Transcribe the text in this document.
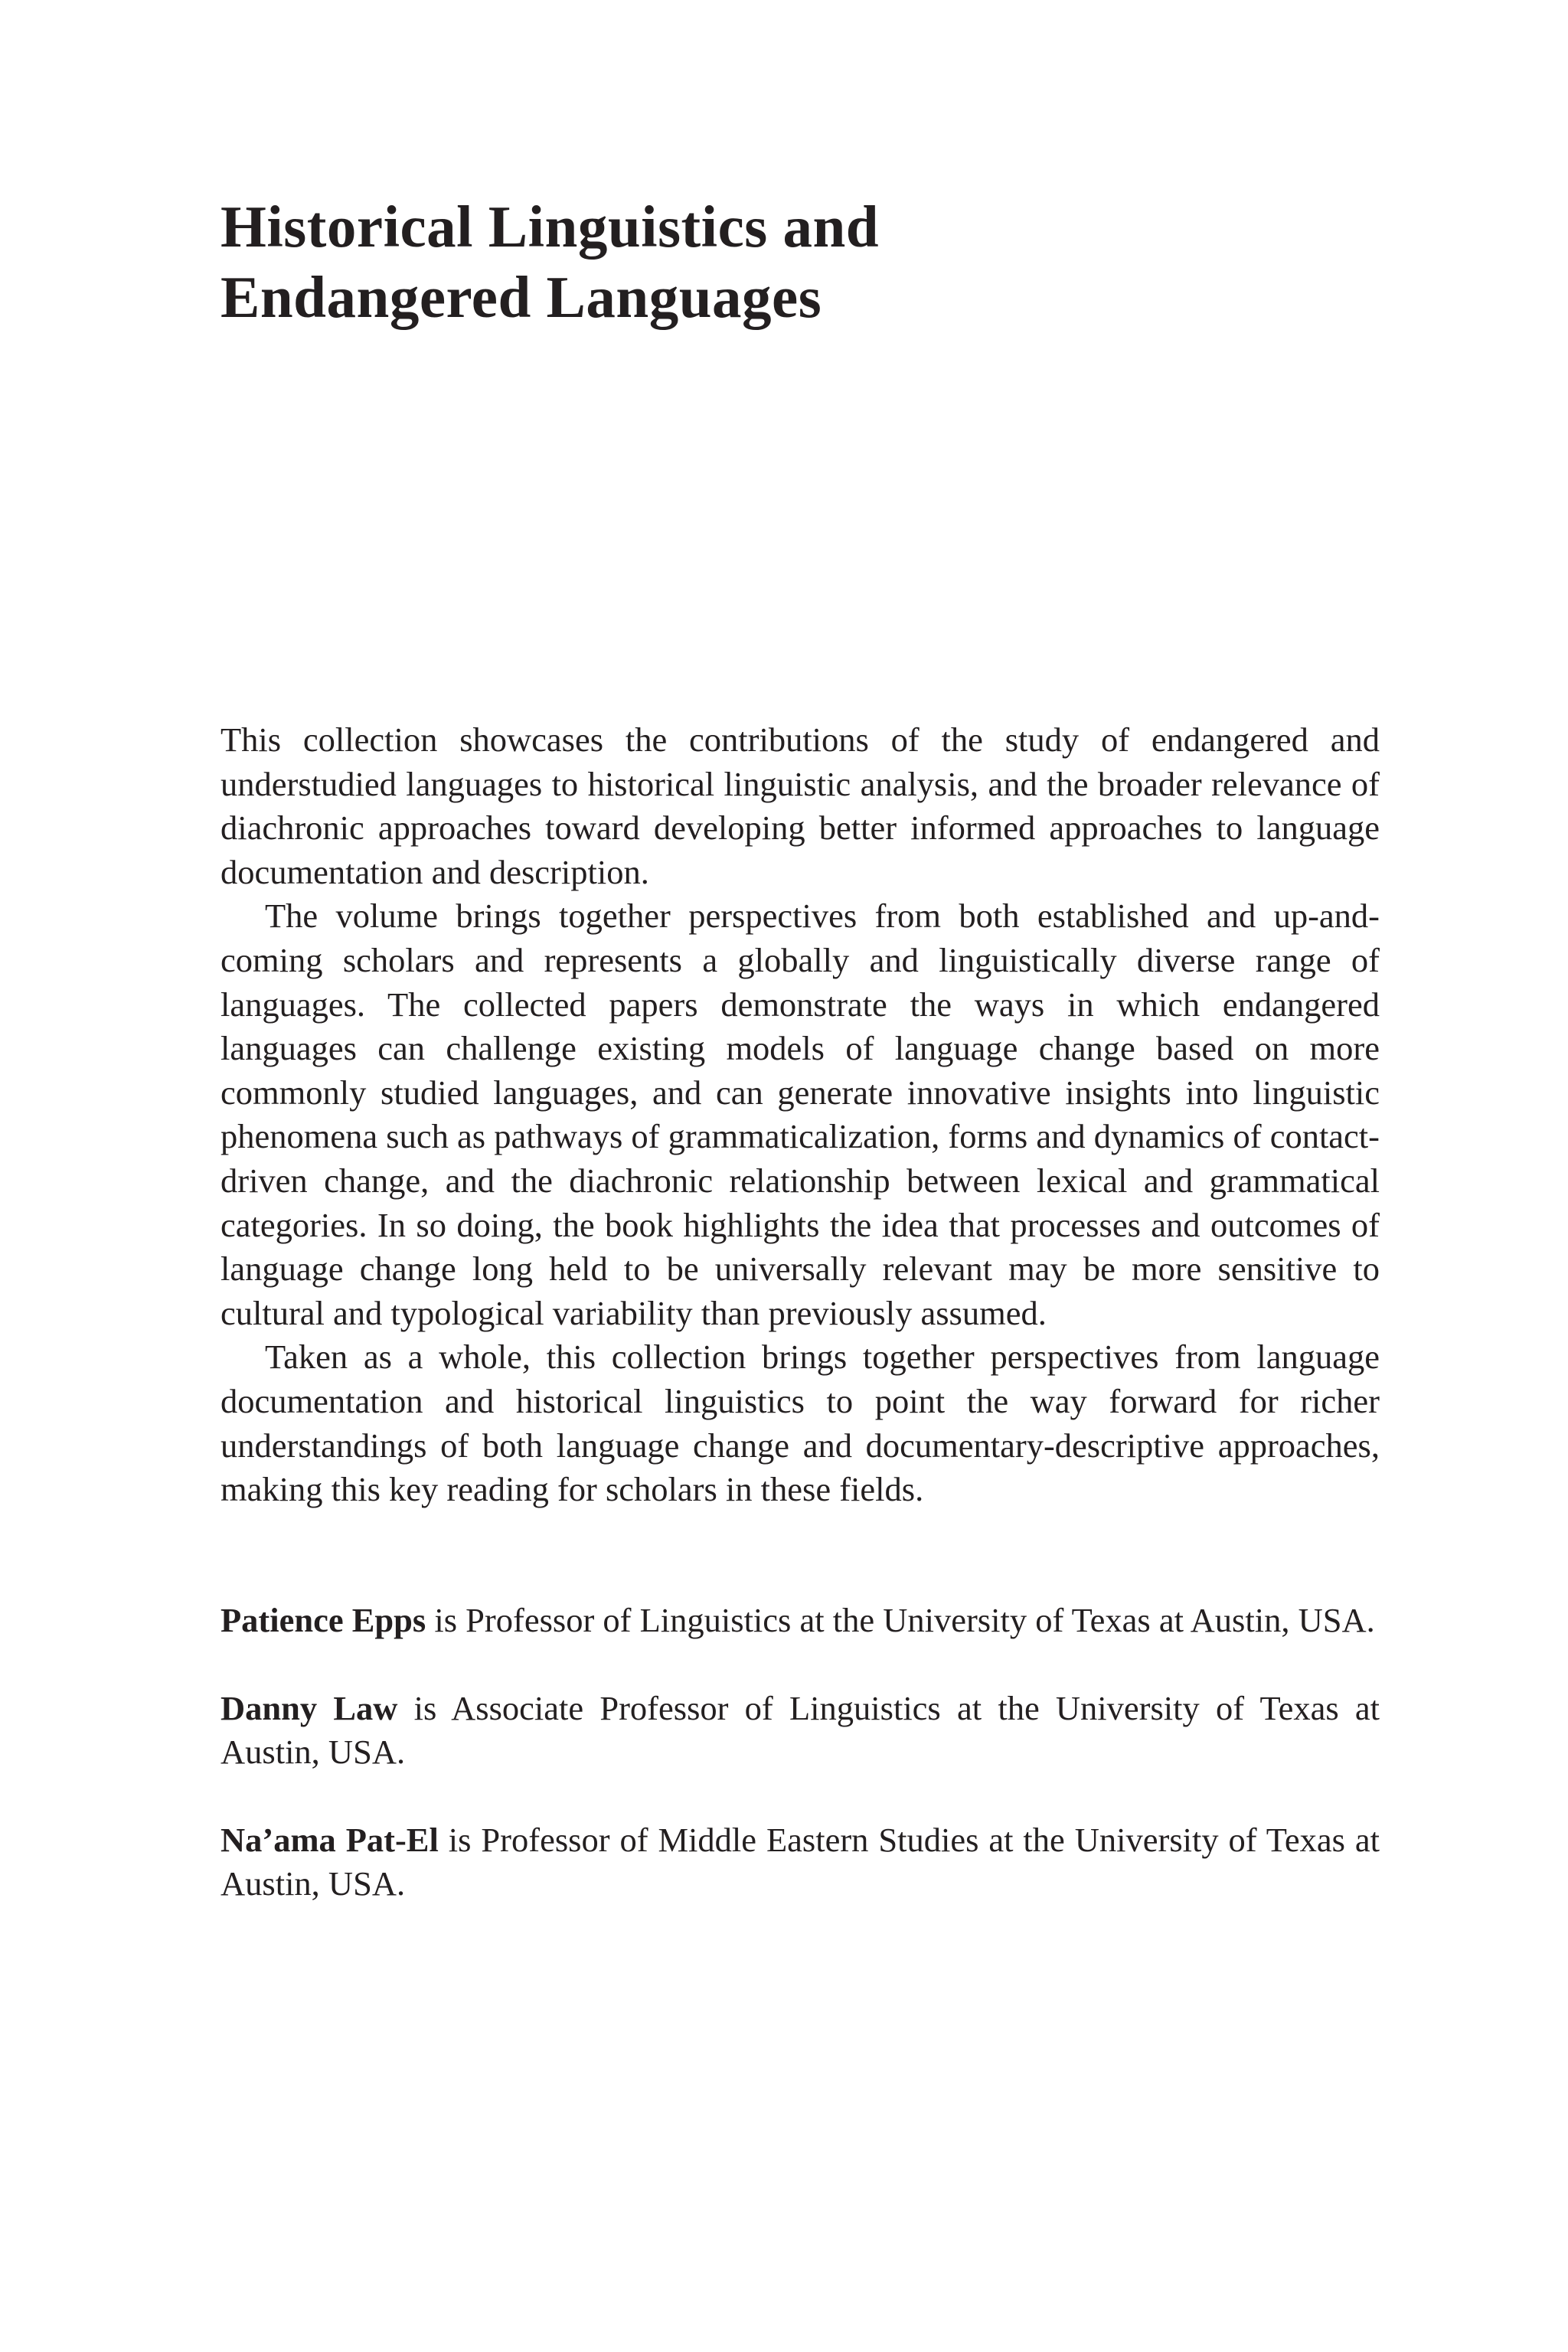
Historical Linguistics and
Endangered Languages

This collection showcases the contributions of the study of endangered and understudied languages to historical linguistic analysis, and the broader relevance of diachronic approaches toward developing better informed approaches to language documentation and description.

The volume brings together perspectives from both established and up-and-coming scholars and represents a globally and linguistically diverse range of languages. The collected papers demonstrate the ways in which endangered languages can challenge existing models of language change based on more commonly studied languages, and can generate innovative insights into linguistic phenomena such as pathways of grammaticalization, forms and dynamics of contact-driven change, and the diachronic relationship between lexical and grammatical categories. In so doing, the book highlights the idea that processes and outcomes of language change long held to be universally relevant may be more sensitive to cultural and typological variability than previously assumed.

Taken as a whole, this collection brings together perspectives from language documentation and historical linguistics to point the way forward for richer understandings of both language change and documentary-descriptive approaches, making this key reading for scholars in these fields.

Patience Epps is Professor of Linguistics at the University of Texas at Austin, USA.

Danny Law is Associate Professor of Linguistics at the University of Texas at Austin, USA.

Na’ama Pat-El is Professor of Middle Eastern Studies at the University of Texas at Austin, USA.
